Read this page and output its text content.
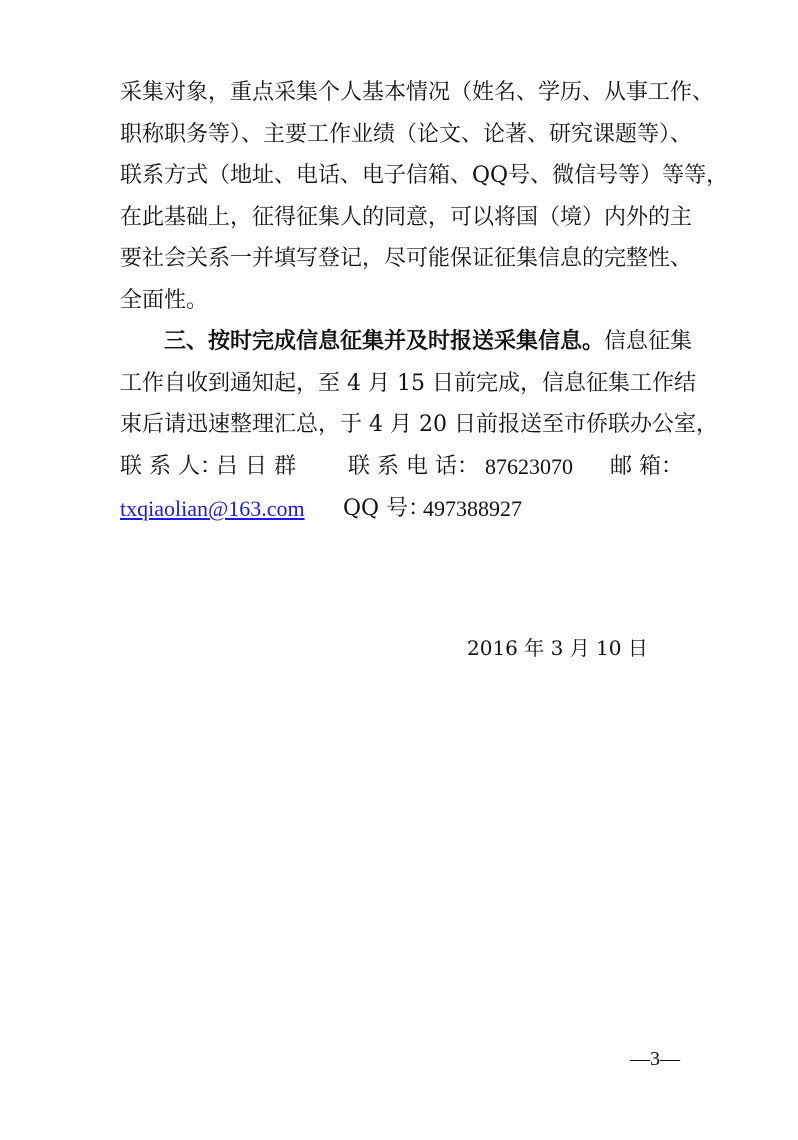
采集对象，重点采集个人基本情况（姓名、学历、从事工作、
职称职务等）、主要工作业绩（论文、论著、研究课题等）、
联系方式（地址、电话、电子信箱、QQ号、微信号等）等等，
在此基础上，征得征集人的同意，可以将国（境）内外的主
要社会关系一并填写登记，尽可能保证征集信息的完整性、
全面性。
三、按时完成信息征集并及时报送采集信息。信息征集
工作自收到通知起，至 4 月 15 日前完成，信息征集工作结
束后请迅速整理汇总，于 4 月 20 日前报送至市侨联办公室，
联 系 人：
吕 日 群 联 系 电 话： 87623070 邮 箱：
txqiaolian@163.com QQ 号：
497388927
2016 年 3 月 10 日
—3—
